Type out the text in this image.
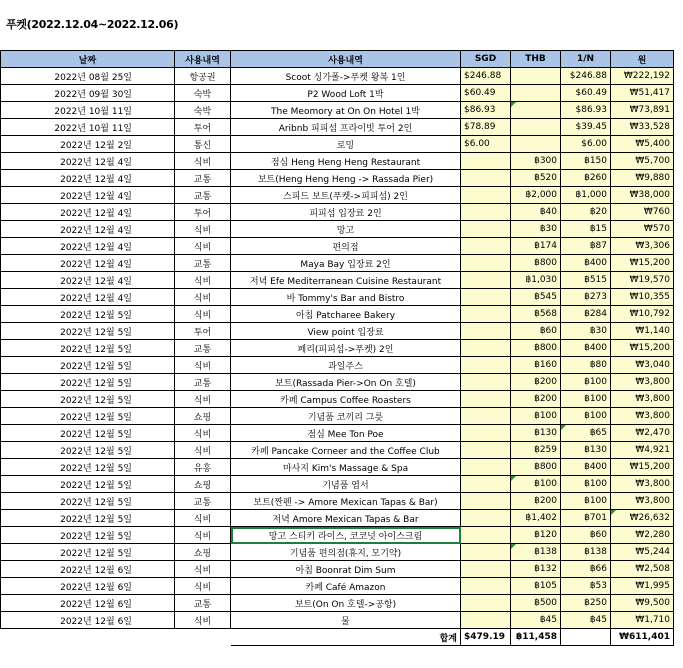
푸켓(2022.12.04~2022.12.06)
날짜	사용내역	사용내역	SGD	THB	1/N	원
2022년 08월 25일	항공권	Scoot 싱가폴->푸켓 왕복 1인	$246.88		$246.88	₩222,192
2022년 09월 30일	숙박	P2 Wood Loft 1박	$60.49		$60.49	₩51,417
2022년 10월 11일	숙박	The Meomory at On On Hotel 1박	$86.93		$86.93	₩73,891
2022년 10월 11일	투어	Aribnb 피피섬 프라이빗 투어 2인	$78.89		$39.45	₩33,528
2022년 12월 2일	통신	로밍	$6.00		$6.00	₩5,400
2022년 12월 4일	식비	점심 Heng Heng Heng Restaurant		฿300	฿150	₩5,700
2022년 12월 4일	교통	보트(Heng Heng Heng -> Rassada Pier)		฿520	฿260	₩9,880
2022년 12월 4일	교통	스피드 보트(푸켓->피피섬) 2인		฿2,000	฿1,000	₩38,000
2022년 12월 4일	투어	피피섬 입장료 2인		฿40	฿20	₩760
2022년 12월 4일	식비	망고		฿30	฿15	₩570
2022년 12월 4일	식비	편의점		฿174	฿87	₩3,306
2022년 12월 4일	교통	Maya Bay 입장료 2인		฿800	฿400	₩15,200
2022년 12월 4일	식비	저녁 Efe Mediterranean Cuisine Restaurant		฿1,030	฿515	₩19,570
2022년 12월 4일	식비	바 Tommy's Bar and Bistro		฿545	฿273	₩10,355
2022년 12월 5일	식비	아침 Patcharee Bakery		฿568	฿284	₩10,792
2022년 12월 5일	투어	View point 입장료		฿60	฿30	₩1,140
2022년 12월 5일	교통	페리(피피섬->푸켓) 2인		฿800	฿400	₩15,200
2022년 12월 5일	식비	과일주스		฿160	฿80	₩3,040
2022년 12월 5일	교통	보트(Rassada Pier->On On 호텔)		฿200	฿100	₩3,800
2022년 12월 5일	식비	카페 Campus Coffee Roasters		฿200	฿100	₩3,800
2022년 12월 5일	쇼핑	기념품 코끼리 그릇		฿100	฿100	₩3,800
2022년 12월 5일	식비	점심 Mee Ton Poe		฿130	฿65	₩2,470
2022년 12월 5일	식비	카페 Pancake Corneer and the Coffee Club		฿259	฿130	₩4,921
2022년 12월 5일	유흥	마사지 Kim's Massage & Spa		฿800	฿400	₩15,200
2022년 12월 5일	쇼핑	기념품 엽서		฿100	฿100	₩3,800
2022년 12월 5일	교통	보트(짠펜 -> Amore Mexican Tapas & Bar)		฿200	฿100	₩3,800
2022년 12월 5일	식비	저녁 Amore Mexican Tapas & Bar		฿1,402	฿701	₩26,632
2022년 12월 5일	식비	망고 스티키 라이스, 코코넛 아이스크림		฿120	฿60	₩2,280
2022년 12월 5일	쇼핑	기념품 편의점(휴지, 모기약)		฿138	฿138	₩5,244
2022년 12월 6일	식비	아침 Boonrat Dim Sum		฿132	฿66	₩2,508
2022년 12월 6일	식비	카페 Café Amazon		฿105	฿53	₩1,995
2022년 12월 6일	교통	보트(On On 호텔->공항)		฿500	฿250	₩9,500
2022년 12월 6일	식비	물		฿45	฿45	₩1,710
		합계	$479.19	฿11,458		₩611,401
